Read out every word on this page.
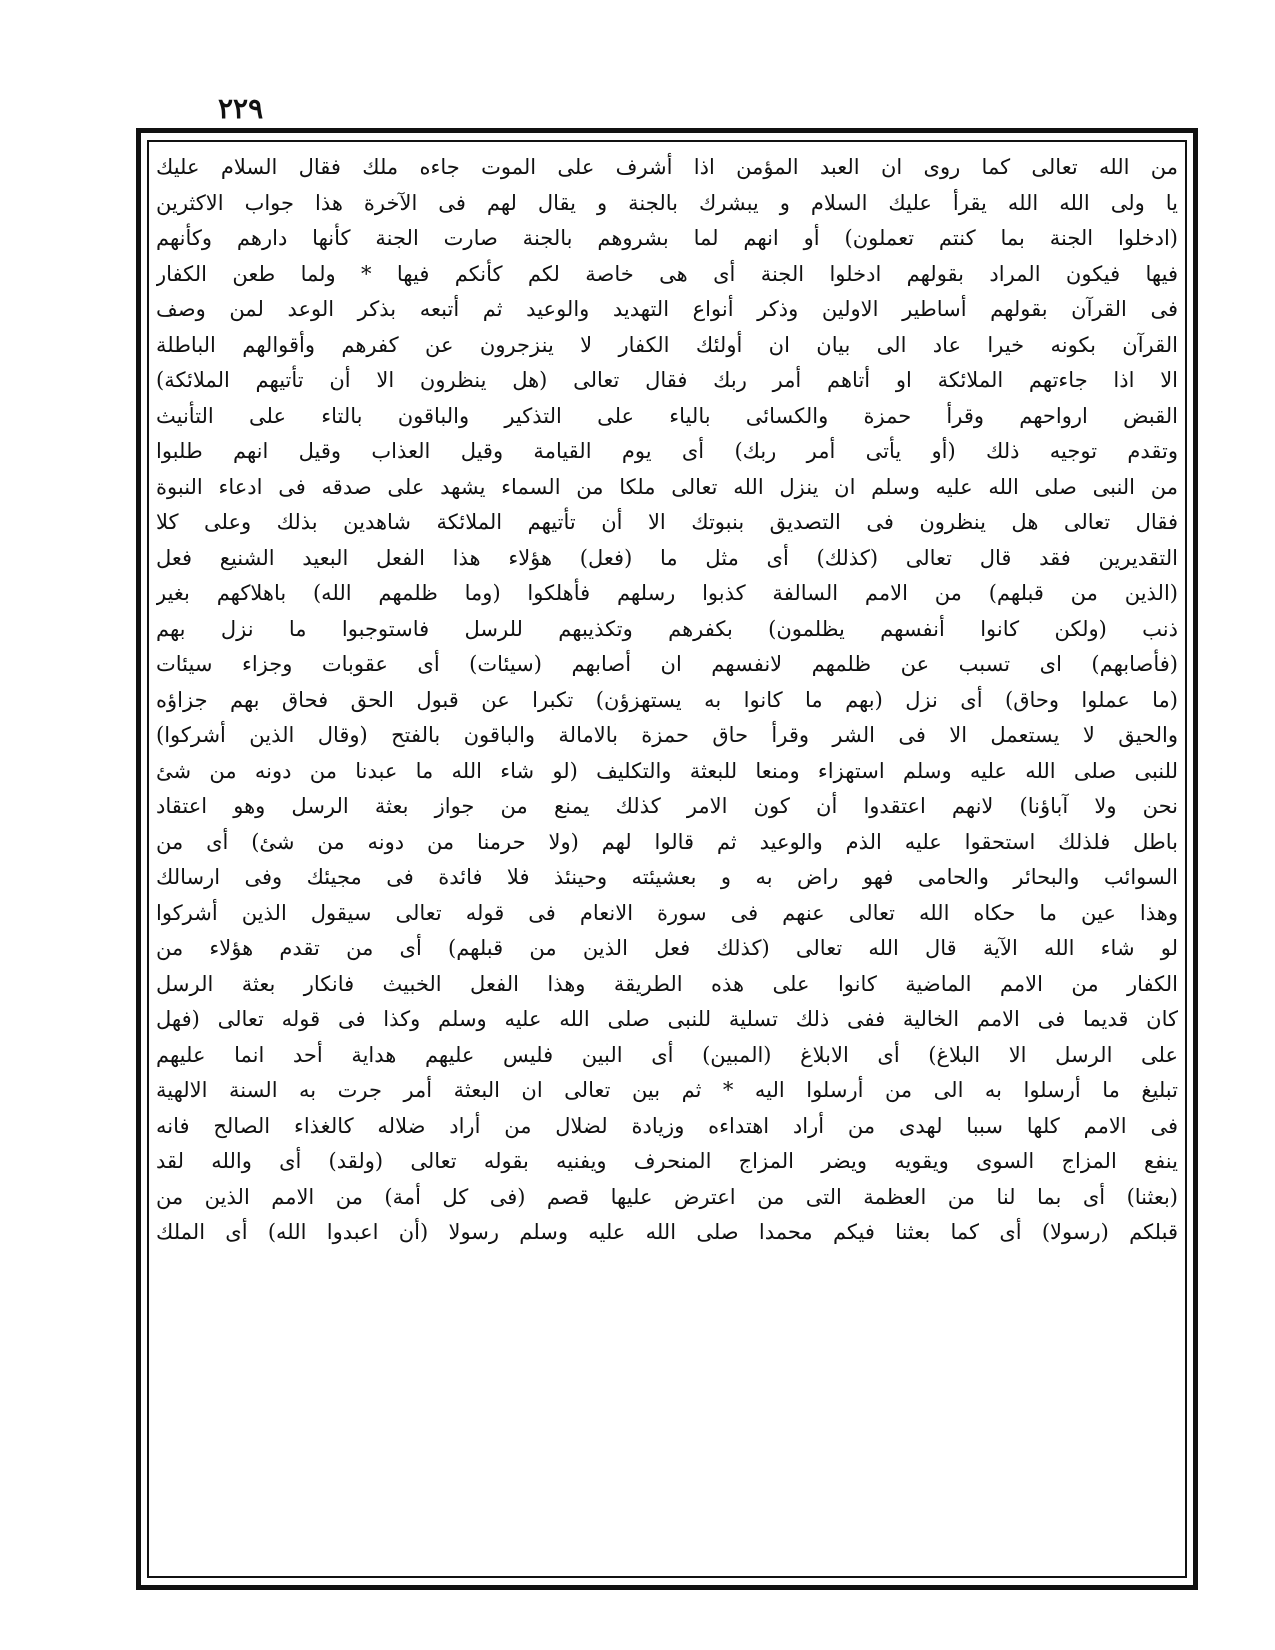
٢٢٩
من الله تعالى كما روى ان العبد المؤمن اذا أشرف على الموت جاءه ملك فقال السلام عليك
يا ولى الله الله يقرأ عليك السلام و يبشرك بالجنة و يقال لهم فى الآخرة هذا جواب الاكثرين
(ادخلوا الجنة بما كنتم تعملون) أو انهم لما بشروهم بالجنة صارت الجنة كأنها دارهم وكأنهم
فيها فيكون المراد بقولهم ادخلوا الجنة أى هى خاصة لكم كأنكم فيها * ولما طعن الكفار
فى القرآن بقولهم أساطير الاولين وذكر أنواع التهديد والوعيد ثم أتبعه بذكر الوعد لمن وصف
القرآن بكونه خيرا عاد الى بيان ان أولئك الكفار لا ينزجرون عن كفرهم وأقوالهم الباطلة
الا اذا جاءتهم الملائكة او أتاهم أمر ربك فقال تعالى (هل ينظرون الا أن تأتيهم الملائكة)
القبض ارواحهم وقرأ حمزة والكسائى بالياء على التذكير والباقون بالتاء على التأنيث
وتقدم توجيه ذلك (أو يأتى أمر ربك) أى يوم القيامة وقيل العذاب وقيل انهم طلبوا
من النبى صلى الله عليه وسلم ان ينزل الله تعالى ملكا من السماء يشهد على صدقه فى ادعاء النبوة
فقال تعالى هل ينظرون فى التصديق بنبوتك الا أن تأتيهم الملائكة شاهدين بذلك وعلى كلا
التقديرين فقد قال تعالى (كذلك) أى مثل ما (فعل) هؤلاء هذا الفعل البعيد الشنيع فعل
(الذين من قبلهم) من الامم السالفة كذبوا رسلهم فأهلكوا (وما ظلمهم الله) باهلاكهم بغير
ذنب (ولكن كانوا أنفسهم يظلمون) بكفرهم وتكذيبهم للرسل فاستوجبوا ما نزل بهم
(فأصابهم) اى تسبب عن ظلمهم لانفسهم ان أصابهم (سيئات) أى عقوبات وجزاء سيئات
(ما عملوا وحاق) أى نزل (بهم ما كانوا به يستهزؤن) تكبرا عن قبول الحق فحاق بهم جزاؤه
والحيق لا يستعمل الا فى الشر وقرأ حاق حمزة بالامالة والباقون بالفتح (وقال الذين أشركوا)
للنبى صلى الله عليه وسلم استهزاء ومنعا للبعثة والتكليف (لو شاء الله ما عبدنا من دونه من شئ
نحن ولا آباؤنا) لانهم اعتقدوا أن كون الامر كذلك يمنع من جواز بعثة الرسل وهو اعتقاد
باطل فلذلك استحقوا عليه الذم والوعيد ثم قالوا لهم (ولا حرمنا من دونه من شئ) أى من
السوائب والبحائر والحامى فهو راض به و بعشيئته وحينئذ فلا فائدة فى مجيئك وفى ارسالك
وهذا عين ما حكاه الله تعالى عنهم فى سورة الانعام فى قوله تعالى سيقول الذين أشركوا
لو شاء الله الآية قال الله تعالى (كذلك فعل الذين من قبلهم) أى من تقدم هؤلاء من
الكفار من الامم الماضية كانوا على هذه الطريقة وهذا الفعل الخبيث فانكار بعثة الرسل
كان قديما فى الامم الخالية ففى ذلك تسلية للنبى صلى الله عليه وسلم وكذا فى قوله تعالى (فهل
على الرسل الا البلاغ) أى الابلاغ (المبين) أى البين فليس عليهم هداية أحد انما عليهم
تبليغ ما أرسلوا به الى من أرسلوا اليه * ثم بين تعالى ان البعثة أمر جرت به السنة الالهية
فى الامم كلها سببا لهدى من أراد اهتداءه وزيادة لضلال من أراد ضلاله كالغذاء الصالح فانه
ينفع المزاج السوى ويقويه ويضر المزاج المنحرف ويفنيه بقوله تعالى (ولقد) أى والله لقد
(بعثنا) أى بما لنا من العظمة التى من اعترض عليها قصم (فى كل أمة) من الامم الذين من
قبلكم (رسولا) أى كما بعثنا فيكم محمدا صلى الله عليه وسلم رسولا (أن اعبدوا الله) أى الملك
